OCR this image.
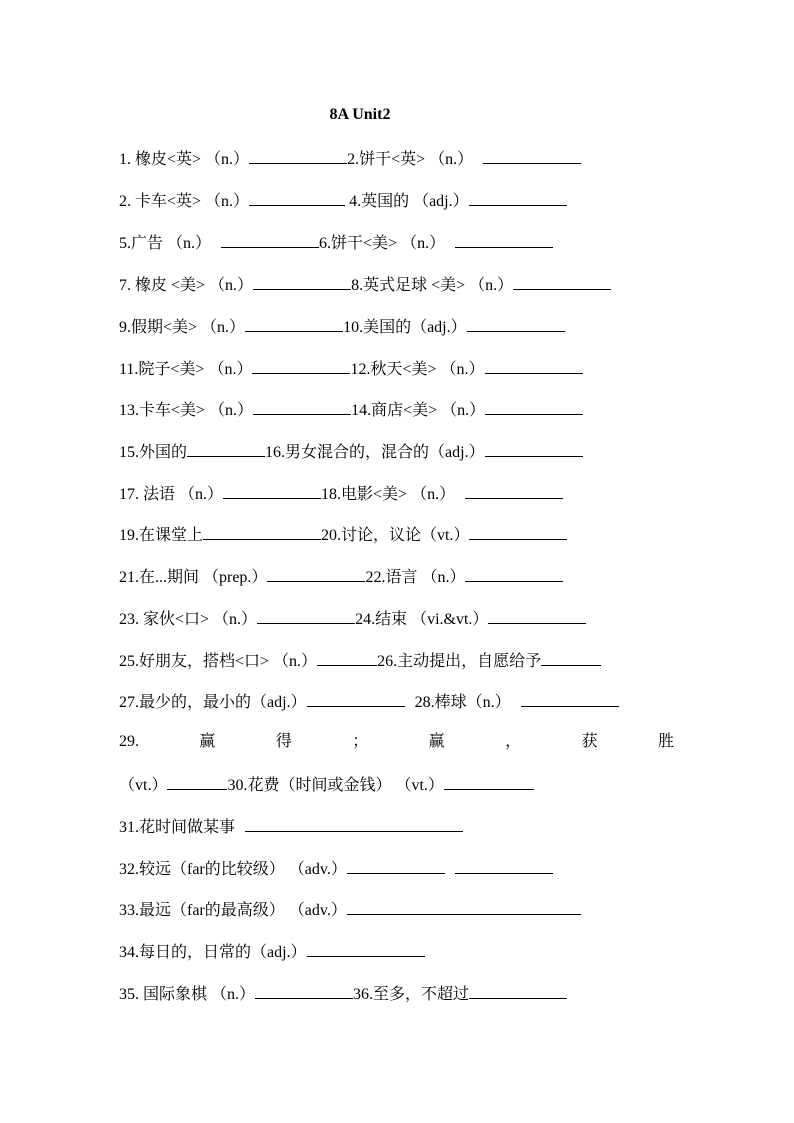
8A Unit2
1. 橡皮<英> （n.）	2.饼干<英> （n.）
2. 卡车<英> （n.）	4.英国的 （adj.）
5.广告 （n.）	6.饼干<美> （n.）
7. 橡皮 <美> （n.）	8.英式足球 <美> （n.）
9.假期<美> （n.）	10.美国的（adj.）
11.院子<美> （n.）	12.秋天<美> （n.）
13.卡车<美> （n.）	14.商店<美> （n.）
15.外国的	16.男女混合的，混合的（adj.）
17. 法语 （n.）	18.电影<美> （n.）
19.在课堂上	20.讨论，议论（vt.）
21.在...期间 （prep.）	22.语言 （n.）
23. 家伙<口> （n.）	24.结束 （vi.&vt.）
25.好朋友，搭档<口> （n.）	26.主动提出，自愿给予
27.最少的，最小的（adj.）	28.棒球（n.）
29.	赢	得	；	赢	，	获	胜
（vt.）	30.花费（时间或金钱） （vt.）
31.花时间做某事
32.较远（far的比较级） （adv.）
33.最远（far的最高级） （adv.）
34.每日的，日常的（adj.）
35. 国际象棋 （n.）	36.至多，不超过
